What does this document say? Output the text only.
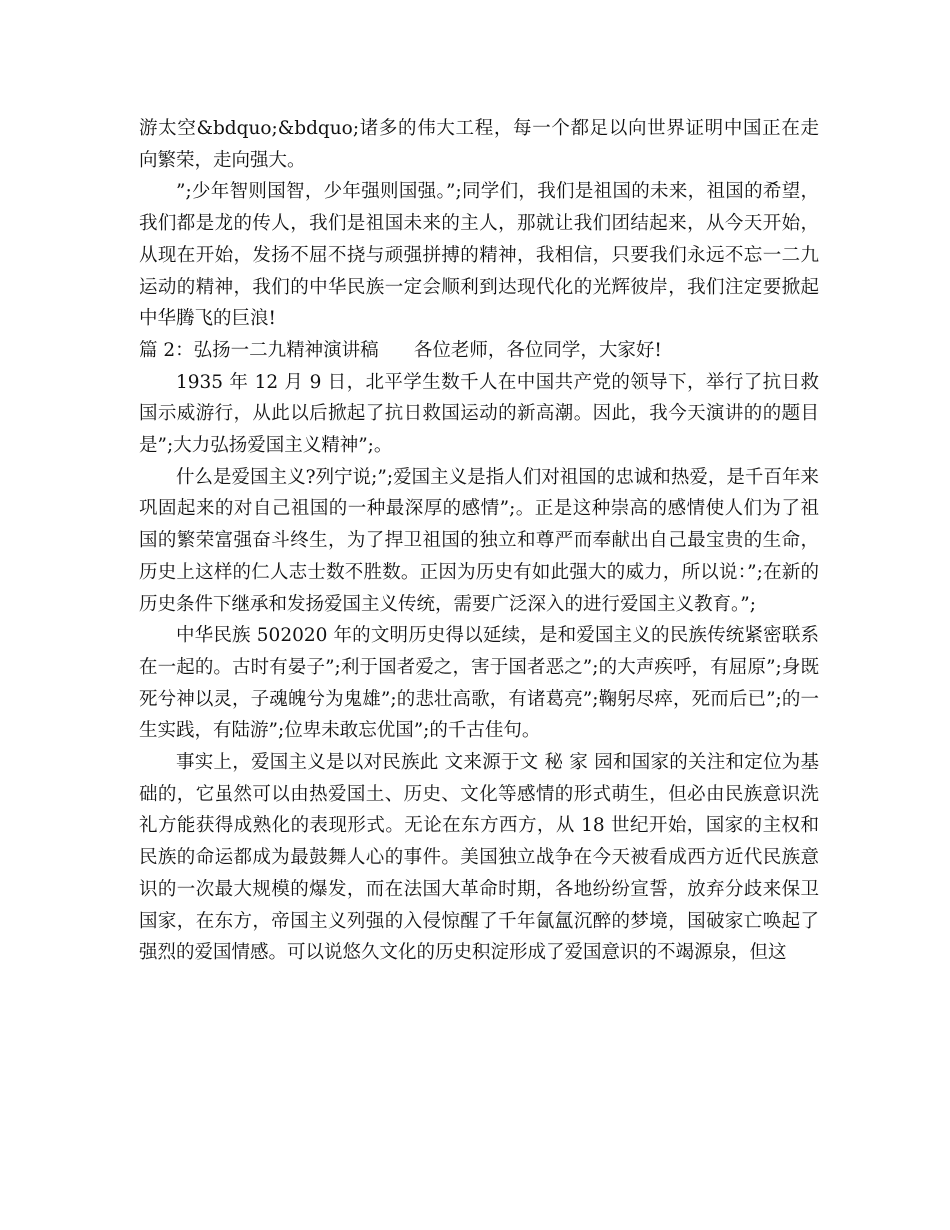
游太空&bdquo;&bdquo;诸多的伟大工程，每一个都足以向世界证明中国正在走向繁荣，走向强大。

”;少年智则国智，少年强则国强。”;同学们，我们是祖国的未来，祖国的希望，我们都是龙的传人，我们是祖国未来的主人，那就让我们团结起来，从今天开始，从现在开始，发扬不屈不挠与顽强拼搏的精神，我相信，只要我们永远不忘一二九运动的精神，我们的中华民族一定会顺利到达现代化的光辉彼岸，我们注定要掀起中华腾飞的巨浪!

篇 2：弘扬一二九精神演讲稿      各位老师，各位同学，大家好!

1935 年 12 月 9 日，北平学生数千人在中国共产党的领导下，举行了抗日救国示威游行，从此以后掀起了抗日救国运动的新高潮。因此，我今天演讲的的题目是”;大力弘扬爱国主义精神”;。

什么是爱国主义?列宁说;”;爱国主义是指人们对祖国的忠诚和热爱，是千百年来巩固起来的对自己祖国的一种最深厚的感情”;。正是这种崇高的感情使人们为了祖国的繁荣富强奋斗终生，为了捍卫祖国的独立和尊严而奉献出自己最宝贵的生命，历史上这样的仁人志士数不胜数。正因为历史有如此强大的威力，所以说：”;在新的历史条件下继承和发扬爱国主义传统，需要广泛深入的进行爱国主义教育。”;

中华民族 502020 年的文明历史得以延续，是和爱国主义的民族传统紧密联系在一起的。古时有晏子”;利于国者爱之，害于国者恶之”;的大声疾呼，有屈原”;身既死兮神以灵，子魂魄兮为鬼雄”;的悲壮高歌，有诸葛亮”;鞠躬尽瘁，死而后已”;的一生实践，有陆游”;位卑未敢忘优国”;的千古佳句。

事实上，爱国主义是以对民族此 文来源于文 秘 家 园和国家的关注和定位为基础的，它虽然可以由热爱国土、历史、文化等感情的形式萌生，但必由民族意识洗礼方能获得成熟化的表现形式。无论在东方西方，从 18 世纪开始，国家的主权和民族的命运都成为最鼓舞人心的事件。美国独立战争在今天被看成西方近代民族意识的一次最大规模的爆发，而在法国大革命时期，各地纷纷宣誓，放弃分歧来保卫国家，在东方，帝国主义列强的入侵惊醒了千年氤氲沉醉的梦境，国破家亡唤起了强烈的爱国情感。可以说悠久文化的历史积淀形成了爱国意识的不竭源泉，但这
